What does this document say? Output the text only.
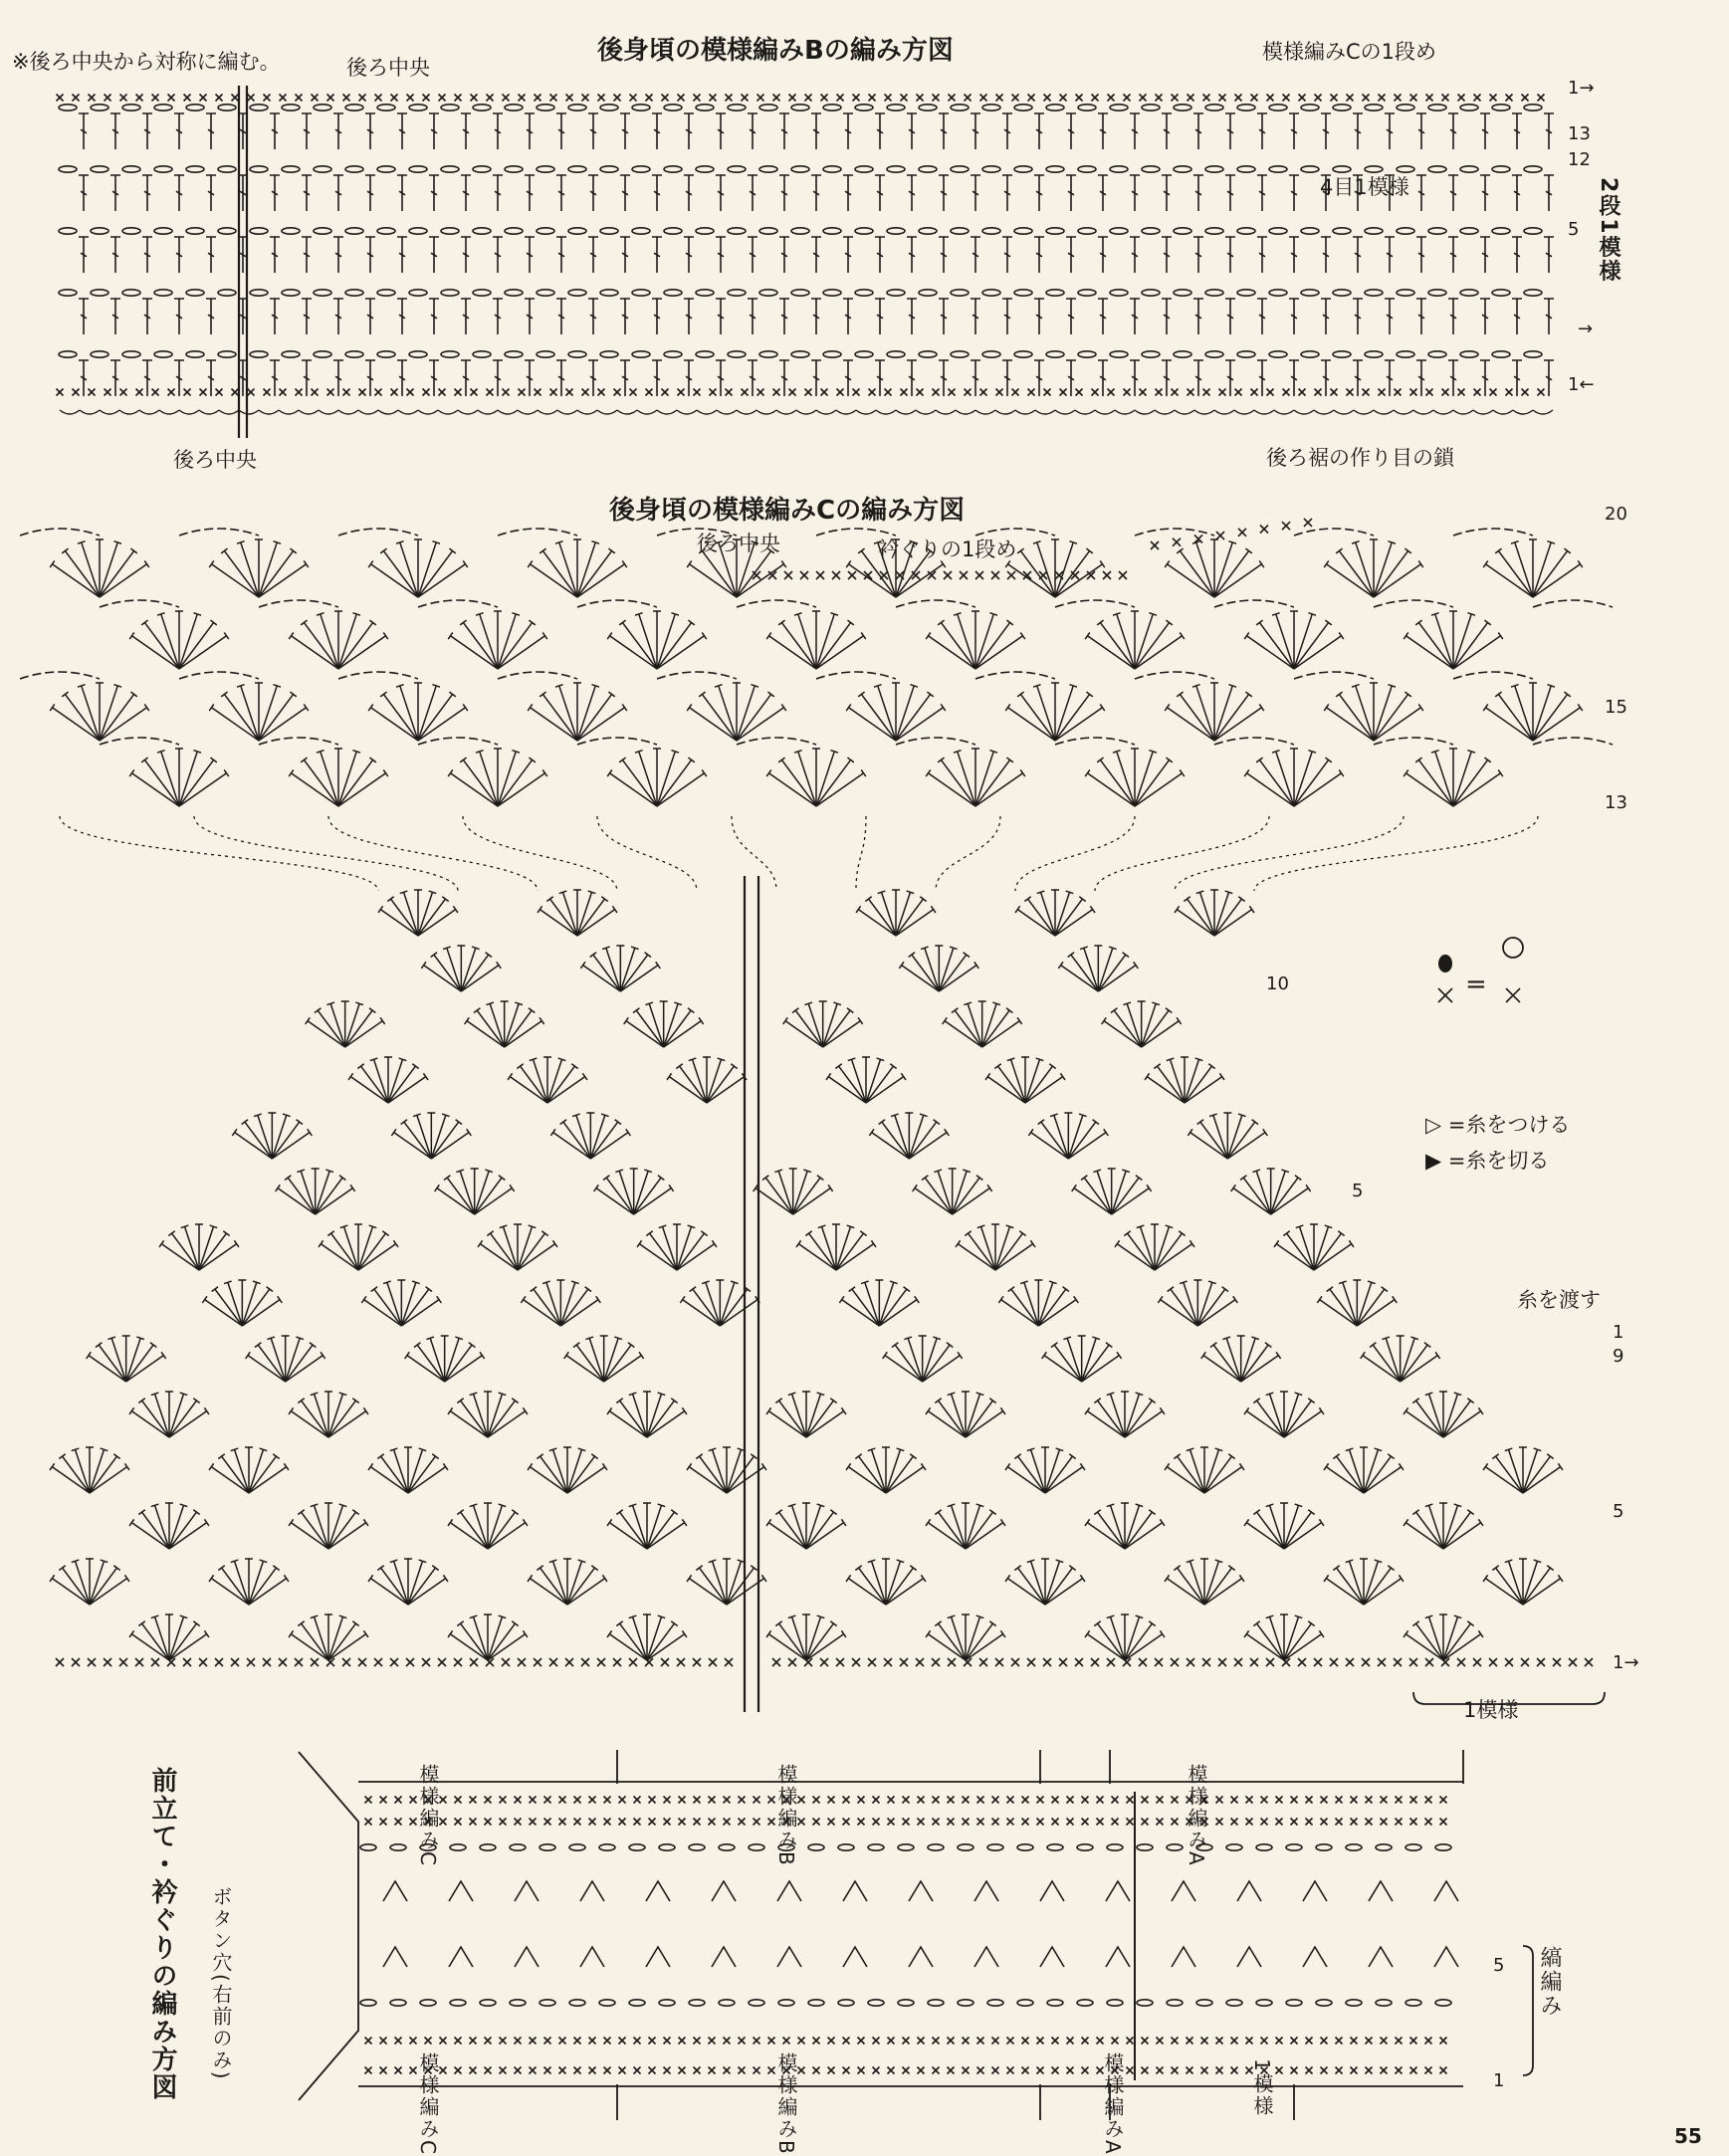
※後ろ中央から対称に編む。	後身頃の模様編みBの編み方図
後ろ中央
模様編みCの1段め
1→
13
12
4目1模様	2段1模様
5
→
1←
後ろ中央	後ろ裾の作り目の鎖
後身頃の模様編みCの編み方図
後ろ中央	衿ぐりの1段め
20
15
13
10
5
糸を渡す
1
9
5
1→
1模様
=
▷ =糸をつける
▶ =糸を切る
前立て・衿ぐりの編み方図 ボタン穴(右前のみ)
模様編みC	模様編みB	模様編みA
模様編みC	模様編みB	模様編みA	1模様
縞編み
5
1
55
